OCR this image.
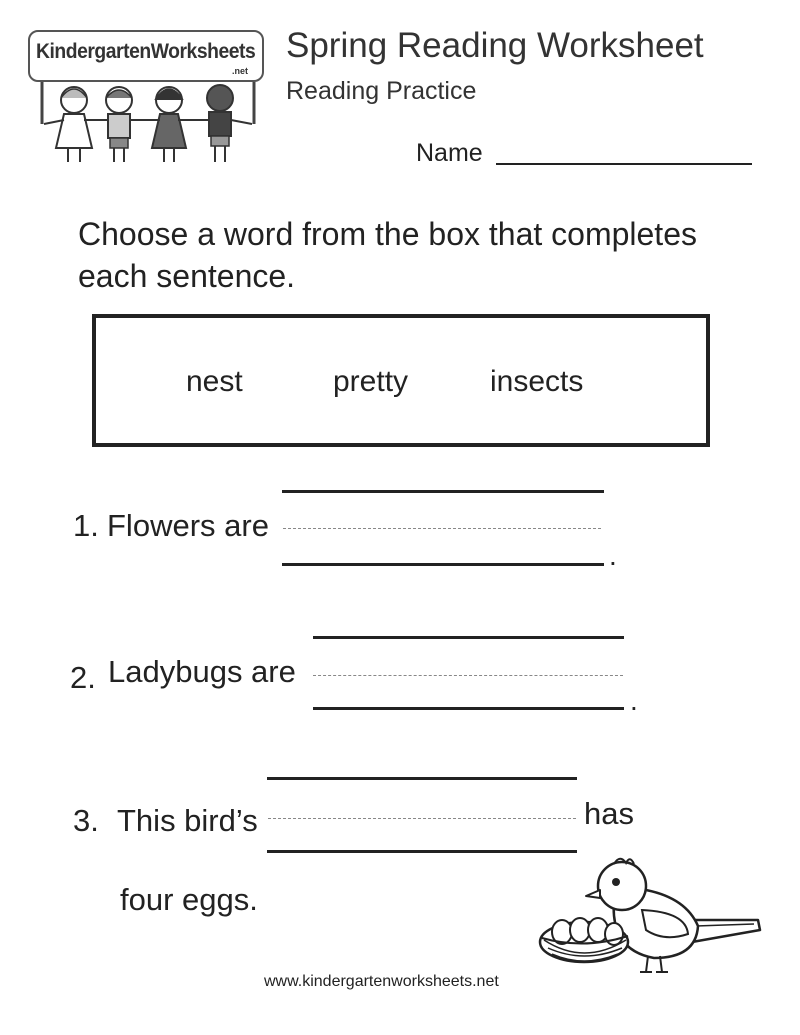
KindergartenWorksheets
.net
Spring Reading Worksheet
Reading Practice
Name
Choose a word from the box that completes each sentence.
nest	pretty	insects
1. Flowers are
.
2. Ladybugs are
.
3. This bird’s	has
four eggs.
www.kindergartenworksheets.net
